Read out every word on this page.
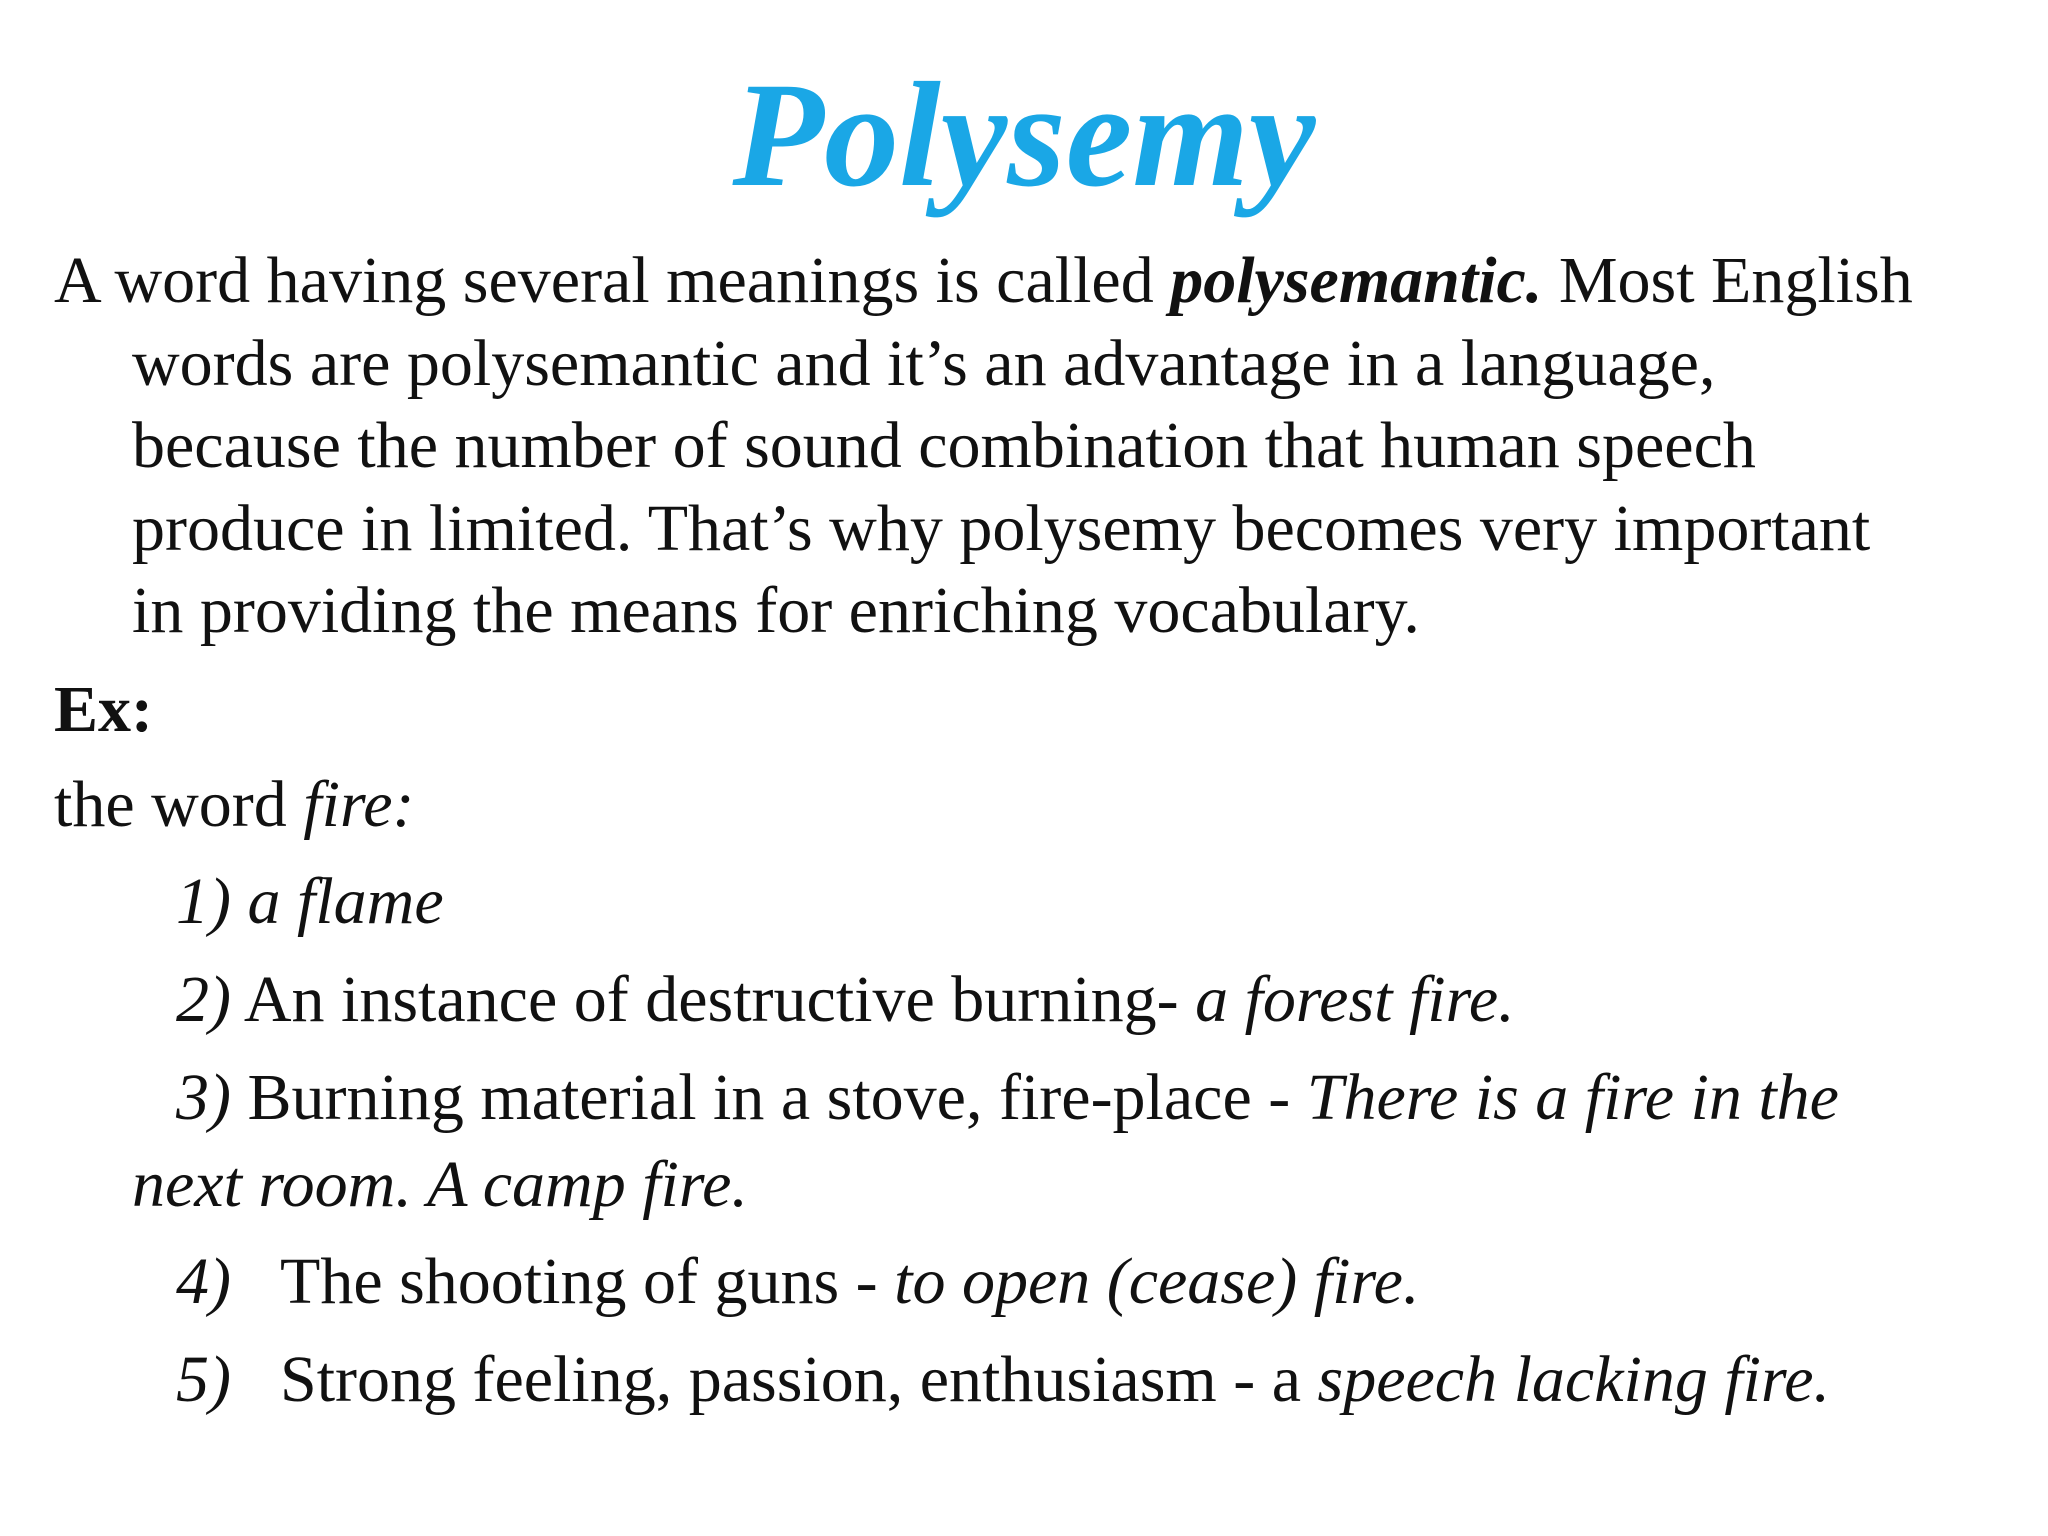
Polysemy
A word having several meanings is called polysemantic. Most English
words are polysemantic and it’s an advantage in a language,
because the number of sound combination that human speech
produce in limited. That’s why polysemy becomes very important
in providing the means for enriching vocabulary.
Ex:
the word fire:
1) a flame
2) An instance of destructive burning- a forest fire.
3) Burning material in a stove, fire-place - There is a fire in the
next room. A camp fire.
4) The shooting of guns - to open (cease) fire.
5) Strong feeling, passion, enthusiasm - a speech lacking fire.
